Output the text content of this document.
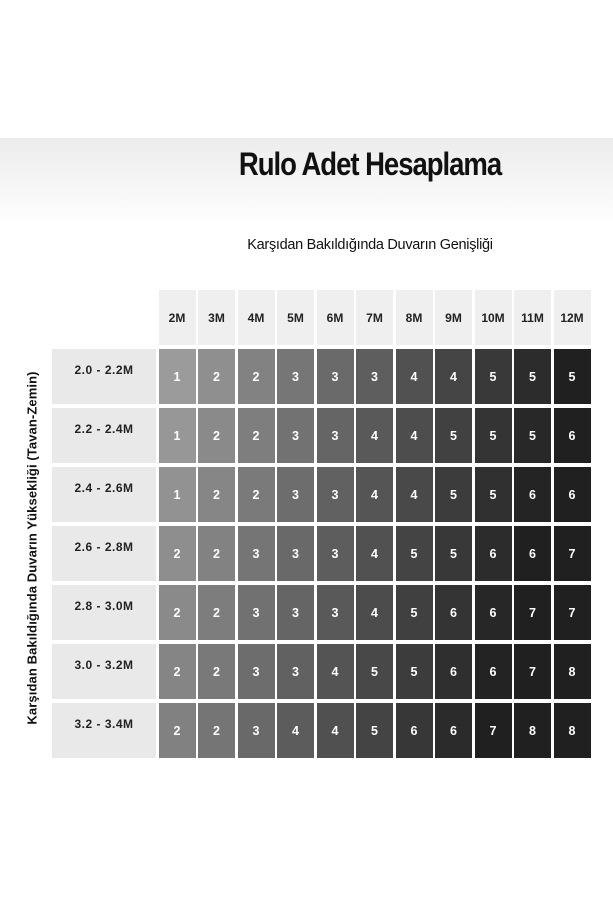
Rulo Adet Hesaplama
Karşıdan Bakıldığında Duvarın Genişliği
Karşıdan Bakıldığında Duvarın Yüksekliği (Tavan-Zemin)
2M	3M	4M	5M	6M	7M	8M	9M	10M	11M	12M
2.0 - 2.2M	1	2	2	3	3	3	4	4	5	5	5
2.2 - 2.4M	1	2	2	3	3	4	4	5	5	5	6
2.4 - 2.6M	1	2	2	3	3	4	4	5	5	6	6
2.6 - 2.8M	2	2	3	3	3	4	5	5	6	6	7
2.8 - 3.0M	2	2	3	3	3	4	5	6	6	7	7
3.0 - 3.2M	2	2	3	3	4	5	5	6	6	7	8
3.2 - 3.4M	2	2	3	4	4	5	6	6	7	8	8
